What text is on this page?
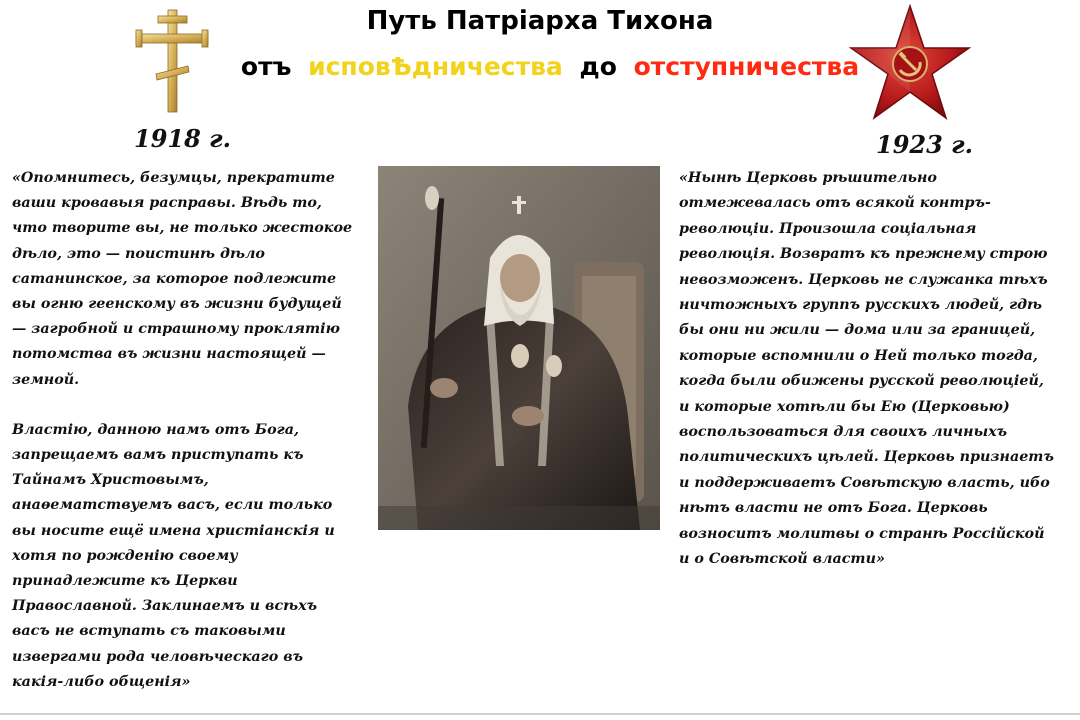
Путь Патріарха Тихона
отъ исповѢдничества до отступничества
1918 г.	1923 г.

«Опомнитесь, безумцы, прекратите ваши кровавыя расправы. Вѣдь то, что творите вы, не только жестокое дѣло, это — поистинѣ дѣло сатанинское, за которое подлежите вы огню геенскому въ жизни будущей — загробной и страшному проклятію потомства въ жизни настоящей — земной.

Властію, данною намъ отъ Бога, запрещаемъ вамъ приступать къ Тайнамъ Христовымъ, анаѳематствуемъ васъ, если только вы носите ещё имена христіанскія и хотя по рожденію своему принадлежите къ Церкви Православной. Заклинаемъ и всѣхъ васъ не вступать съ таковыми извергами рода человѣческаго въ какія-либо общенія»

«Нынѣ Церковь рѣшительно отмежевалась отъ всякой контръ-революціи. Произошла соціальная революція. Возвратъ къ прежнему строю невозможенъ. Церковь не служанка тѣхъ ничтожныхъ группъ русскихъ людей, гдѣ бы они ни жили — дома или за границей, которые вспомнили о Ней только тогда, когда были обижены русской революціей, и которые хотѣли бы Ею (Церковью) воспользоваться для своихъ личныхъ политическихъ цѣлей. Церковь признаетъ и поддерживаетъ Совѣтскую власть, ибо нѣтъ власти не отъ Бога. Церковь возноситъ молитвы о странѣ Россійской и о Совѣтской власти»
